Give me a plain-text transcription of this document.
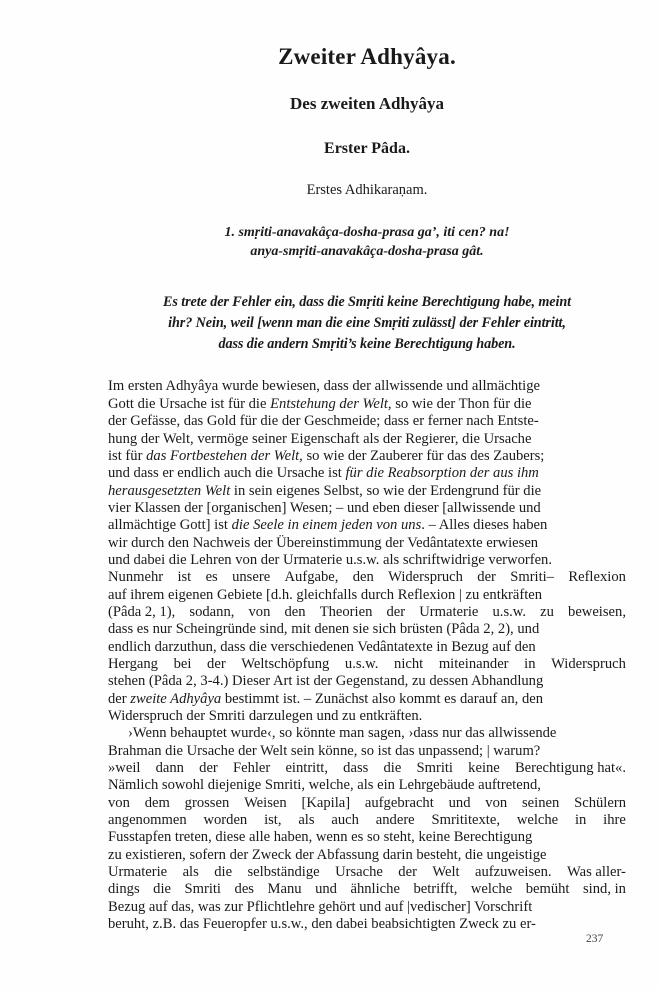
Zweiter Adhyâya.
Des zweiten Adhyâya
Erster Pâda.
Erstes Adhikaraṇam.
1. smṛiti-anavakâça-dosha-prasa ga’, iti cen? na!
anya-smṛiti-anavakâça-dosha-prasa gât.
Es trete der Fehler ein, dass die Smṛiti keine Berechtigung habe, meint
ihr? Nein, weil [wenn man die eine Smṛiti zulässt] der Fehler eintritt,
dass die andern Smṛiti’s keine Berechtigung haben.
Im ersten Adhyâya wurde bewiesen, dass der allwissende und allmächtige
Gott die Ursache ist für die Entstehung der Welt, so wie der Thon für die
der Gefässe, das Gold für die der Geschmeide; dass er ferner nach Entste-
hung der Welt, vermöge seiner Eigenschaft als der Regierer, die Ursache
ist für das Fortbestehen der Welt, so wie der Zauberer für das des Zaubers;
und dass er endlich auch die Ursache ist für die Reabsorption der aus ihm
herausgesetzten Welt in sein eigenes Selbst, so wie der Erdengrund für die
vier Klassen der [organischen] Wesen; – und eben dieser [allwissende und
allmächtige Gott] ist die Seele in einem jeden von uns. – Alles dieses haben
wir durch den Nachweis der Übereinstimmung der Vedântatexte erwiesen
und dabei die Lehren von der Urmaterie u.s.w. als schriftwidrige verworfen.
Nunmehr ist es unsere Aufgabe, den Widerspruch der Smriti– Reflexion
auf ihrem eigenen Gebiete [d.h. gleichfalls durch Reflexion | zu entkräften
(Pâda 2, 1), sodann, von den Theorien der Urmaterie u.s.w. zu beweisen,
dass es nur Scheingründe sind, mit denen sie sich brüsten (Pâda 2, 2), und
endlich darzuthun, dass die verschiedenen Vedântatexte in Bezug auf den
Hergang bei der Weltschöpfung u.s.w. nicht miteinander in Widerspruch
stehen (Pâda 2, 3-4.) Dieser Art ist der Gegenstand, zu dessen Abhandlung
der zweite Adhyâya bestimmt ist. – Zunächst also kommt es darauf an, den
Widerspruch der Smriti darzulegen und zu entkräften.
›Wenn behauptet wurde‹, so könnte man sagen, ›dass nur das allwissende
Brahman die Ursache der Welt sein könne, so ist das unpassend; | warum?
»weil dann der Fehler eintritt, dass die Smriti keine Berechtigung hat«.
Nämlich sowohl diejenige Smriti, welche, als ein Lehrgebäude auftretend,
von dem grossen Weisen [Kapila] aufgebracht und von seinen Schülern
angenommen worden ist, als auch andere Smrititexte, welche in ihre
Fusstapfen treten, diese alle haben, wenn es so steht, keine Berechtigung
zu existieren, sofern der Zweck der Abfassung darin besteht, die ungeistige
Urmaterie als die selbständige Ursache der Welt aufzuweisen. Was aller-
dings die Smriti des Manu und ähnliche betrifft, welche bemüht sind, in
Bezug auf das, was zur Pflichtlehre gehört und auf |vedischer] Vorschrift
beruht, z.B. das Feueropfer u.s.w., den dabei beabsichtigten Zweck zu er-
237
